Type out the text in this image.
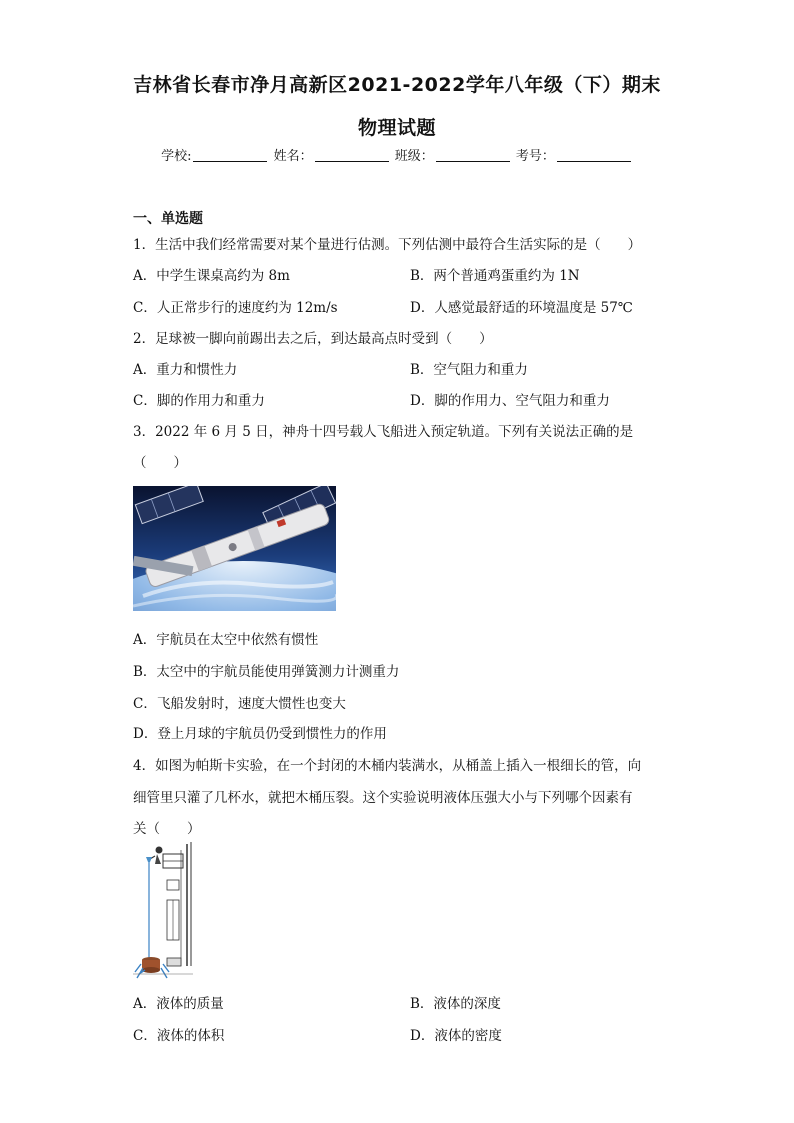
吉林省长春市净月高新区2021-2022学年八年级（下）期末
物理试题
学校:	姓名：	班级：	考号：
一、单选题
1．生活中我们经常需要对某个量进行估测。下列估测中最符合生活实际的是（　　）
A．中学生课桌高约为 8m	B．两个普通鸡蛋重约为 1N
C．人正常步行的速度约为 12m/s	D．人感觉最舒适的环境温度是 57℃
2．足球被一脚向前踢出去之后，到达最高点时受到（　　）
A．重力和惯性力	B．空气阻力和重力
C．脚的作用力和重力	D．脚的作用力、空气阻力和重力
3．2022 年 6 月 5 日，神舟十四号载人飞船进入预定轨道。下列有关说法正确的是
（　　）
A．宇航员在太空中依然有惯性
B．太空中的宇航员能使用弹簧测力计测重力
C．飞船发射时，速度大惯性也变大
D．登上月球的宇航员仍受到惯性力的作用
4．如图为帕斯卡实验，在一个封闭的木桶内装满水，从桶盖上插入一根细长的管，向
细管里只灌了几杯水，就把木桶压裂。这个实验说明液体压强大小与下列哪个因素有
关（　　）
A．液体的质量	B．液体的深度
C．液体的体积	D．液体的密度
